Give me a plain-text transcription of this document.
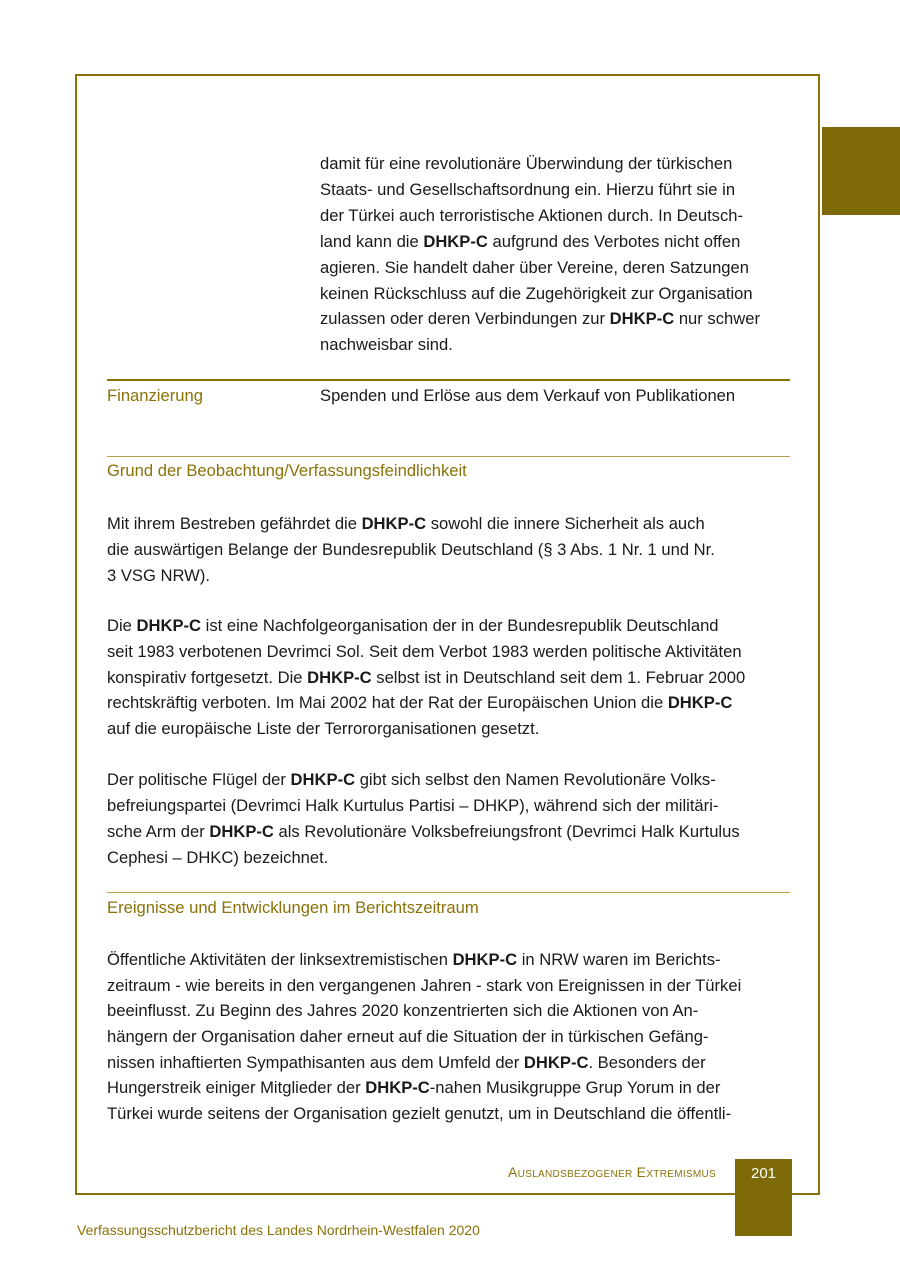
damit für eine revolutionäre Überwindung der türkischen

Staats- und Gesellschaftsordnung ein. Hierzu führt sie in

der Türkei auch terroristische Aktionen durch. In Deutsch-

land kann die DHKP-C aufgrund des Verbotes nicht offen

agieren. Sie handelt daher über Vereine, deren Satzungen

keinen Rückschluss auf die Zugehörigkeit zur Organisation

zulassen oder deren Verbindungen zur DHKP-C nur schwer

nachweisbar sind.

Finanzierung	Spenden und Erlöse aus dem Verkauf von Publikationen

Grund der Beobachtung/Verfassungsfeindlichkeit

Mit ihrem Bestreben gefährdet die DHKP-C sowohl die innere Sicherheit als auch

die auswärtigen Belange der Bundesrepublik Deutschland (§ 3 Abs. 1 Nr. 1 und Nr.

3 VSG NRW).

Die DHKP-C ist eine Nachfolgeorganisation der in der Bundesrepublik Deutschland

seit 1983 verbotenen Devrimci Sol. Seit dem Verbot 1983 werden politische Aktivitäten

konspirativ fortgesetzt. Die DHKP-C selbst ist in Deutschland seit dem 1. Februar 2000

rechtskräftig verboten. Im Mai 2002 hat der Rat der Europäischen Union die DHKP-C

auf die europäische Liste der Terrororganisationen gesetzt.

Der politische Flügel der DHKP-C gibt sich selbst den Namen Revolutionäre Volks-

befreiungspartei (Devrimci Halk Kurtulus Partisi – DHKP), während sich der militäri-

sche Arm der DHKP-C als Revolutionäre Volksbefreiungsfront (Devrimci Halk Kurtulus

Cephesi – DHKC) bezeichnet.

Ereignisse und Entwicklungen im Berichtszeitraum

Öffentliche Aktivitäten der linksextremistischen DHKP-C in NRW waren im Berichts-

zeitraum - wie bereits in den vergangenen Jahren - stark von Ereignissen in der Türkei

beeinflusst. Zu Beginn des Jahres 2020 konzentrierten sich die Aktionen von An-

hängern der Organisation daher erneut auf die Situation der in türkischen Gefäng-

nissen inhaftierten Sympathisanten aus dem Umfeld der DHKP-C. Besonders der

Hungerstreik einiger Mitglieder der DHKP-C-nahen Musikgruppe Grup Yorum in der

Türkei wurde seitens der Organisation gezielt genutzt, um in Deutschland die öffentli-

Auslandsbezogener Extremismus	201
Verfassungsschutzbericht des Landes Nordrhein-Westfalen 2020
